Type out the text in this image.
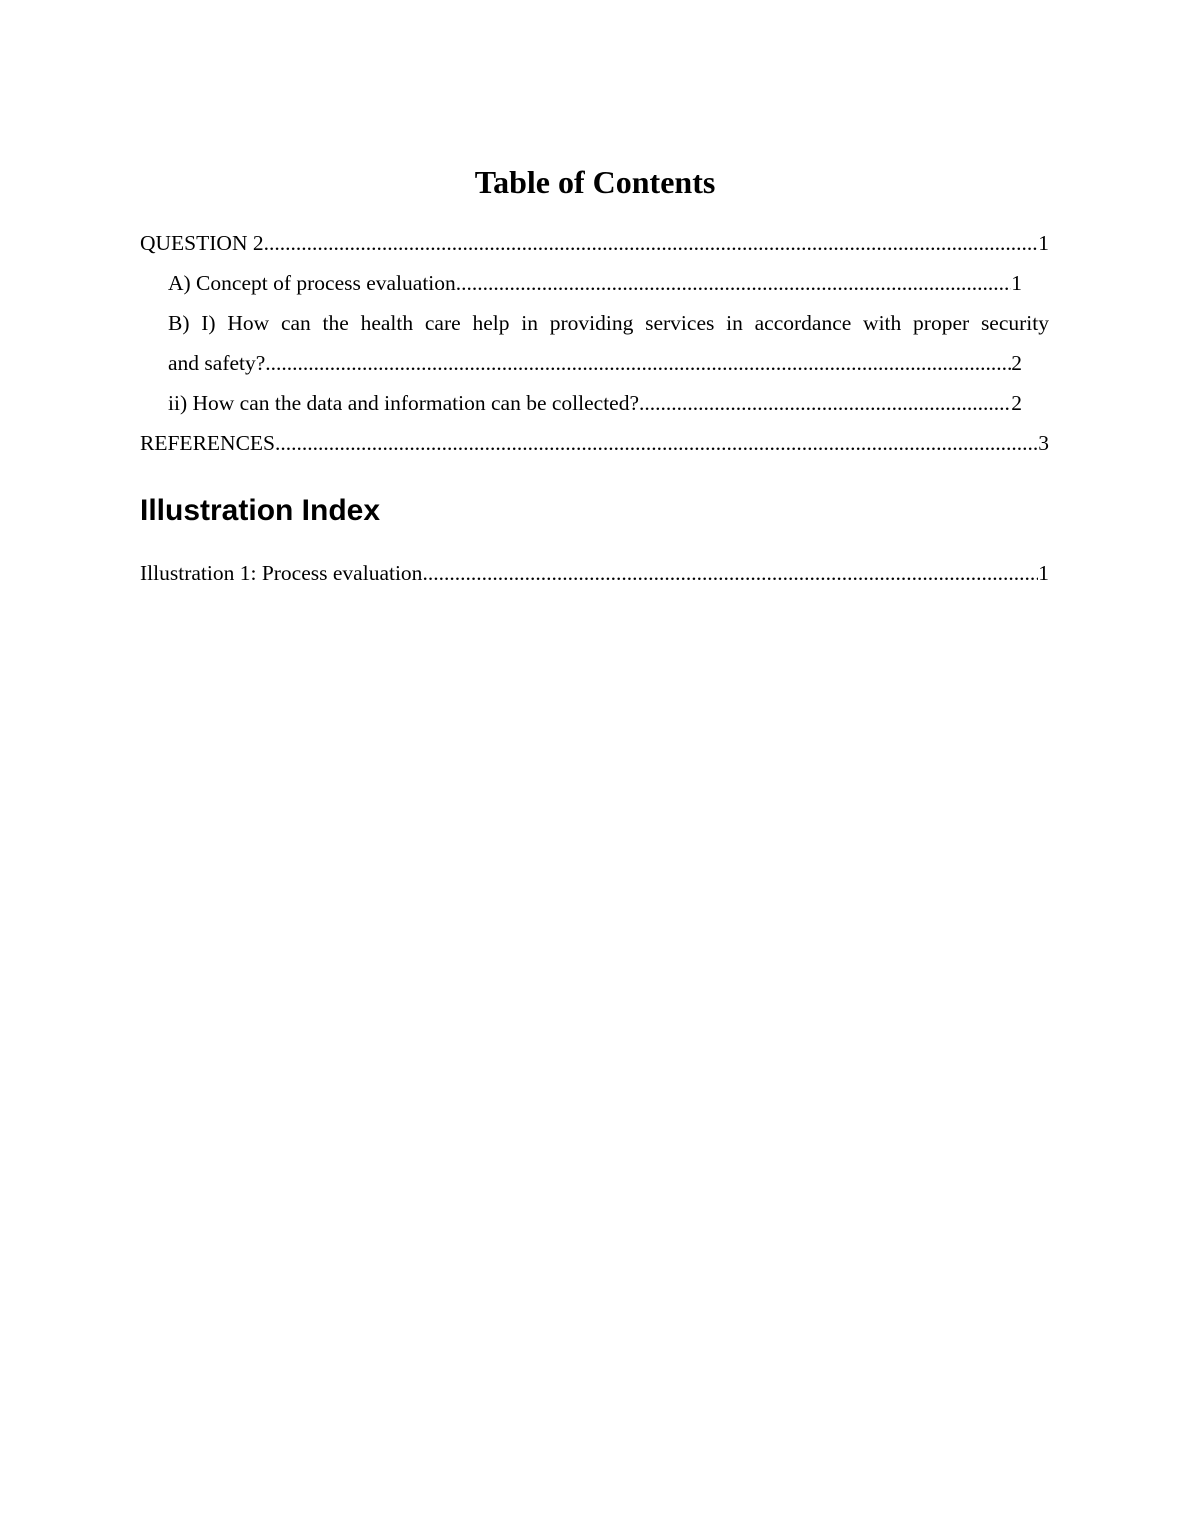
Table of Contents
QUESTION 2 .....	1
A) Concept of process evaluation .....	1
B) I) How can the health care help in providing services in accordance with proper security
and safety? .....	2
ii) How can the data and information can be collected? .....	2
REFERENCES .....	3
Illustration Index
Illustration 1: Process evaluation .....	1
